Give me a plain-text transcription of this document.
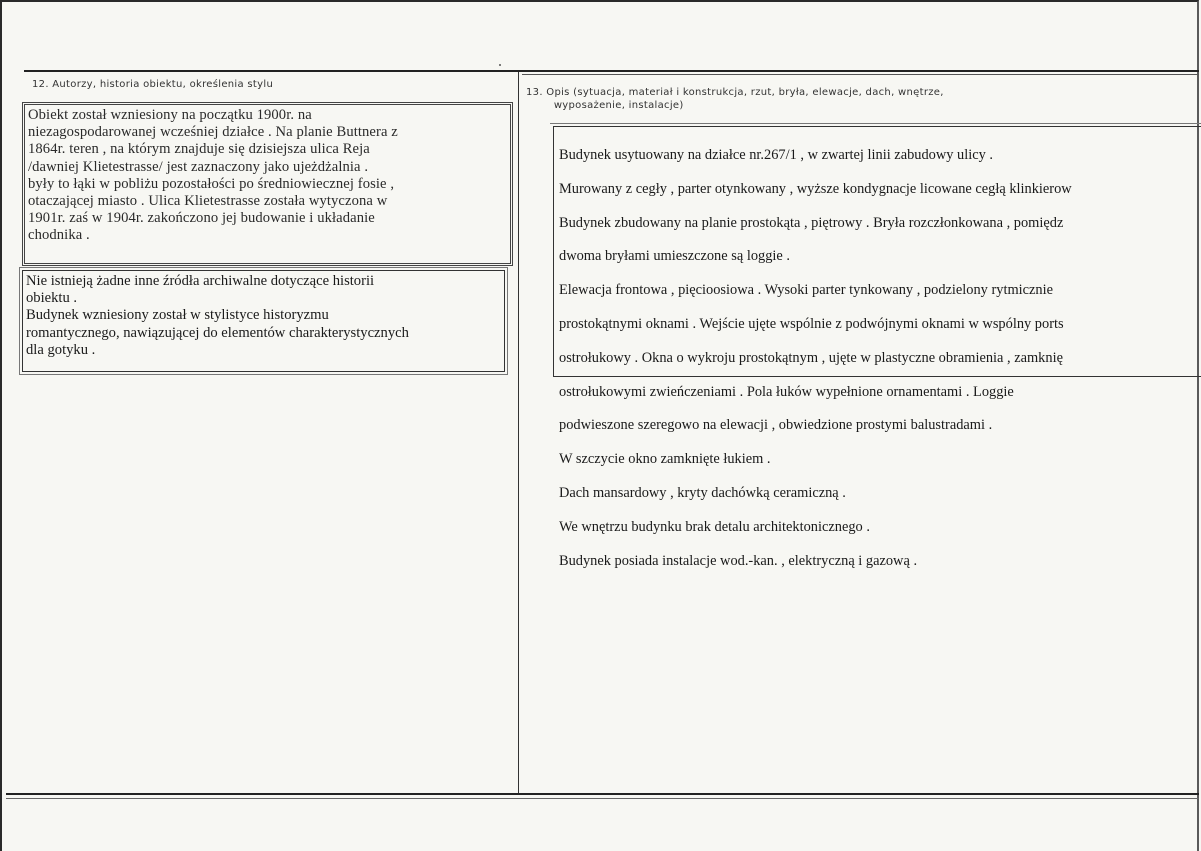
12. Autorzy, historia obiektu, określenia stylu
Obiekt został wzniesiony na początku 1900r. na
niezagospodarowanej wcześniej działce . Na planie Buttnera z
1864r. teren , na którym znajduje się dzisiejsza ulica Reja
/dawniej Klietestrasse/ jest zaznaczony jako ujeżdżalnia .
były to łąki w pobliżu pozostałości po średniowiecznej fosie ,
otaczającej miasto . Ulica Klietestrasse została wytyczona w
1901r. zaś w 1904r. zakończono jej budowanie i układanie
chodnika .
Nie istnieją żadne inne źródła archiwalne dotyczące historii
obiektu .
Budynek wzniesiony został w stylistyce historyzmu
romantycznego, nawiązującej do elementów charakterystycznych
dla gotyku .
13. Opis (sytuacja, materiał i konstrukcja, rzut, bryła, elewacje, dach, wnętrze,
wyposażenie, instalacje)

Budynek usytuowany na działce nr.267/1 , w zwartej linii zabudowy ulicy .

Murowany z cegły , parter otynkowany , wyższe kondygnacje licowane cegłą klinkierow

Budynek zbudowany na planie prostokąta , piętrowy . Bryła rozczłonkowana , pomiędz

dwoma bryłami umieszczone są loggie .

Elewacja frontowa , pięcioosiowa . Wysoki parter tynkowany , podzielony rytmicznie

prostokątnymi oknami . Wejście ujęte wspólnie z podwójnymi oknami w wspólny ports

ostrołukowy . Okna o wykroju prostokątnym , ujęte w plastyczne obramienia , zamknię

ostrołukowymi zwieńczeniami . Pola łuków wypełnione ornamentami . Loggie

podwieszone szeregowo na elewacji , obwiedzione prostymi balustradami .

W szczycie okno zamknięte łukiem .

Dach mansardowy , kryty dachówką ceramiczną .

We wnętrzu budynku brak detalu architektonicznego .

Budynek posiada instalacje wod.-kan. , elektryczną i gazową .
